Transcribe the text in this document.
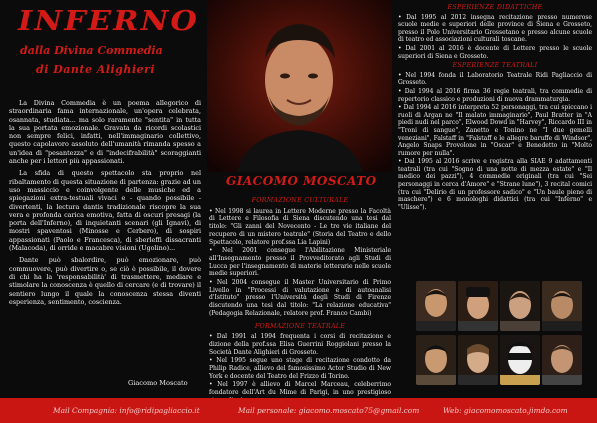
INFERNO
dalla Divina Commedia
di Dante Alighieri

La Divina Commedia è un poema allegorico di straordinaria fama internazionale, un'opera celebrata, osannata, studiata... ma solo raramente "sentita" in tutta la sua portata emozionale. Gravata da ricordi scolastici non sempre felici, infatti, nell'immaginario collettivo, questo capolavoro assoluto dell'umanità rimanda spesso a un'idea di "pesantezza" e di "indecifrabilità" scoraggianti anche per i lettori più appassionati.

La sfida di questo spettacolo sta proprio nel ribaltamento di questa situazione di partenza: grazie ad un uso massiccio e coinvolgente delle musiche ed a spiegazioni extra-testuali vivaci e - quando possibile - divertenti, la lectura dantis tradizionale riscopre la sua vera e profonda carica emotiva, fatta di oscuri presagi (la porta dell'Inferno), di inquietanti scenari (gli Ignavi), di mostri spaventosi (Minosse e Cerbero), di sospiri appassionati (Paolo e Francesca), di sberleffi dissacranti (Malacoda), di orride e macabre visioni (Ugolino)...

Dante può sbalordire, può emozionare, può commuovere, può divertire o, se ciò è possibile, il dovere di chi ha la 'responsabilità' di trasmettere, mediare e stimolare la conoscenza è quello di cercare (e di trovare) il sentiero lungo il quale la conoscenza stessa diventi esperienza, sentimento, coscienza.

Giacomo Moscato
GIACOMO MOSCATO
FORMAZIONE CULTURALE
• Nel 1998 si laurea in Lettere Moderne presso la Facoltà di Lettere e Filosofia di Siena discutendo una tesi dal titolo: "Gli zanni del Novecento - Le tre vie italiane del recupero di un mistero teatrale" (Storia del Teatro e dello Spettacolo, relatore prof.ssa Lia Lapini)
• Nel 2001 consegue l'Abilitazione Ministeriale all'Insegnamento presso il Provveditorato agli Studi di Lucca per l'insegnamento di materie letterarie nelle scuole medie superiori.
• Nel 2004 consegue il Master Universitario di Primo Livello in "Processi di valutazione e di autoanalisi d'Istituto" presso l'Università degli Studi di Firenze discutendo una tesi dal titolo: "La relazione educativa" (Pedagogia Relazionale, relatore prof. Franco Cambi)
FORMAZIONE TEATRALE
• Dal 1991 al 1994 frequenta i corsi di recitazione e dizione della prof.ssa Elisa Guerrini Roggiolani presso la Società Dante Alighieri di Grosseto.
• Nel 1995 segue uno stage di recitazione condotto da Philip Radice, allievo del famosissimo Actor Studio di New York e docente del Teatro del Frizzo di Torino.
• Nel 1997 è allievo di Marcel Marceau, celeberrimo fondatore dell'Art du Mime di Parigi, in uno prestigioso
ESPERIENZE DIDATTICHE
• Dal 1995 al 2012 insegna recitazione presso numerose scuole medie e superiori delle province di Siena e Grosseto, presso il Polo Universitario Grossetano e presso alcune scuole di teatro ed associazioni culturali toscane.
• Dal 2001 al 2016 è docente di Lettere presso le scuole superiori di Siena e Grosseto.
ESPERIENZE TEATRALI
• Nel 1994 fonda il Laboratorio Teatrale Ridi Pagliaccio di Grosseto.
• Dal 1994 al 2016 firma 36 regie teatrali, tra commedie di repertorio classico e produzioni di nuova drammaturgia.
• Dal 1994 al 2016 interpreta 52 personaggi, tra cui spiccano i ruoli di Argan ne "Il malato immaginario", Paul Bratter in "A piedi nudi nel parco", Elwood Dowd in "Harvey", Riccardo III in "Troni di sangue", Zanetto e Tonino ne "I due gemelli veneziani", Falstaff in "Falstaff e le allegre baruffe di Windsor", Angelo Snaps Provolone in "Oscar" e Benedetto in "Molto rumore per nulla".
• Dal 1995 al 2016 scrive e registra alla SIAE 9 adattamenti teatrali (tra cui "Sogno di una notte di mezza estate" e "Il medico dei pazzi"), 4 commedie originali (tra cui "Sei personaggi in cerca d'Amore" e "Strane lune"), 3 recital comici (tra cui "Delirio di un professore sadico" e "Un baule pieno di maschere") e 6 monologhi didattici (tra cui "Inferno" e "Ulisse").
Mail Compagnia: info@ridipagliaccio.it	Mail personale: giacomo.moscato75@gmail.com	Web: giacomomoscato.jimdo.com
